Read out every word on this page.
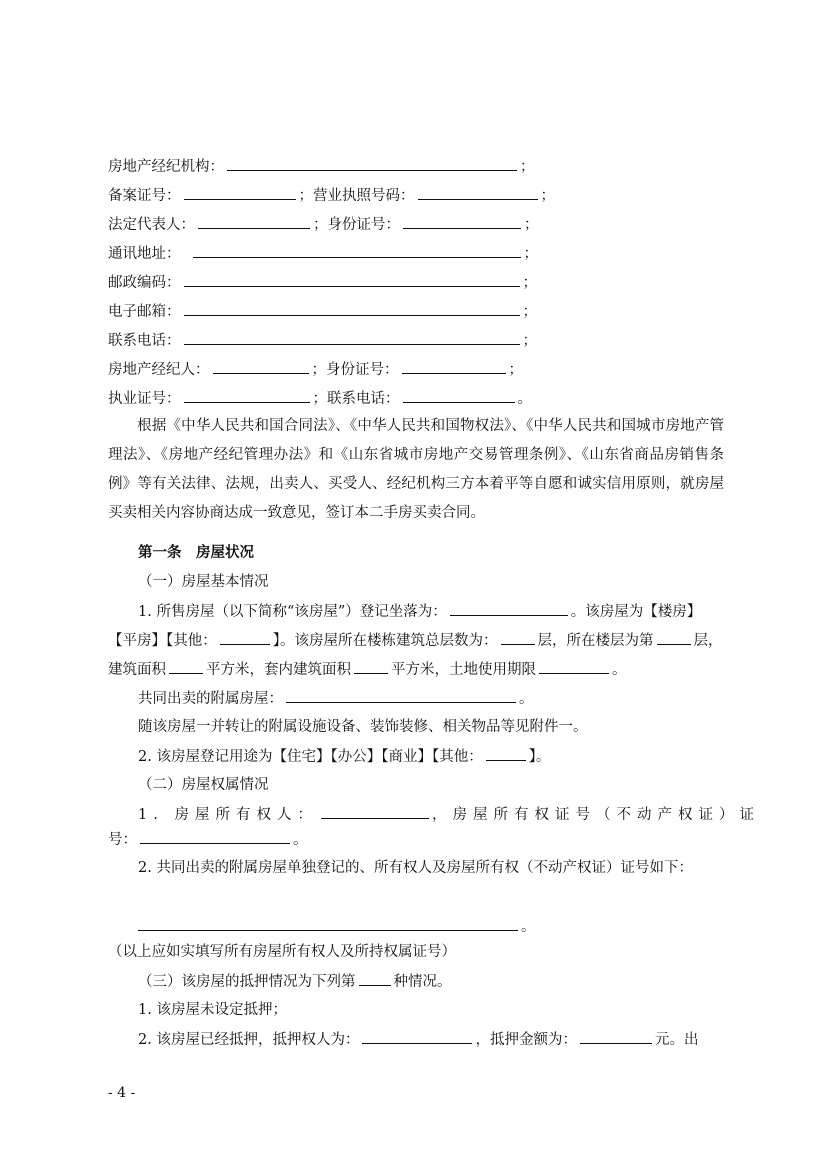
房地产经纪机构：	；
备案证号：	；营业执照号码：	；
法定代表人：	；身份证号：	；
通讯地址：	；
邮政编码：	；
电子邮箱：	；
联系电话：	；
房地产经纪人：	；身份证号：	；
执业证号：	；联系电话：	。
根据《中华人民共和国合同法》、《中华人民共和国物权法》、《中华人民共和国城市房地产管理法》、《房地产经纪管理办法》和《山东省城市房地产交易管理条例》、《山东省商品房销售条例》等有关法律、法规，出卖人、买受人、经纪机构三方本着平等自愿和诚实信用原则，就房屋买卖相关内容协商达成一致意见，签订本二手房买卖合同。
第一条　房屋状况
（一）房屋基本情况
1. 所售房屋（以下简称“该房屋”）登记坐落为：	。该房屋为【楼房】
【平房】【其他：	】。该房屋所在楼栋建筑总层数为：	层，所在楼层为第	层，
建筑面积	平方米，套内建筑面积	平方米，土地使用期限	。
共同出卖的附属房屋：	。
随该房屋一并转让的附属设施设备、装饰装修、相关物品等见附件一。
2. 该房屋登记用途为【住宅】【办公】【商业】【其他：	】。
（二）房屋权属情况
1. 房屋所有权人：	，房屋所有权证号（不动产权证）证
号：	。
2. 共同出卖的附属房屋单独登记的、所有权人及房屋所有权（不动产权证）证号如下：
。
（以上应如实填写所有房屋所有权人及所持权属证号）
（三）该房屋的抵押情况为下列第	种情况。
1. 该房屋未设定抵押；
2. 该房屋已经抵押，抵押权人为：	，抵押金额为：	元。出
- 4 -
